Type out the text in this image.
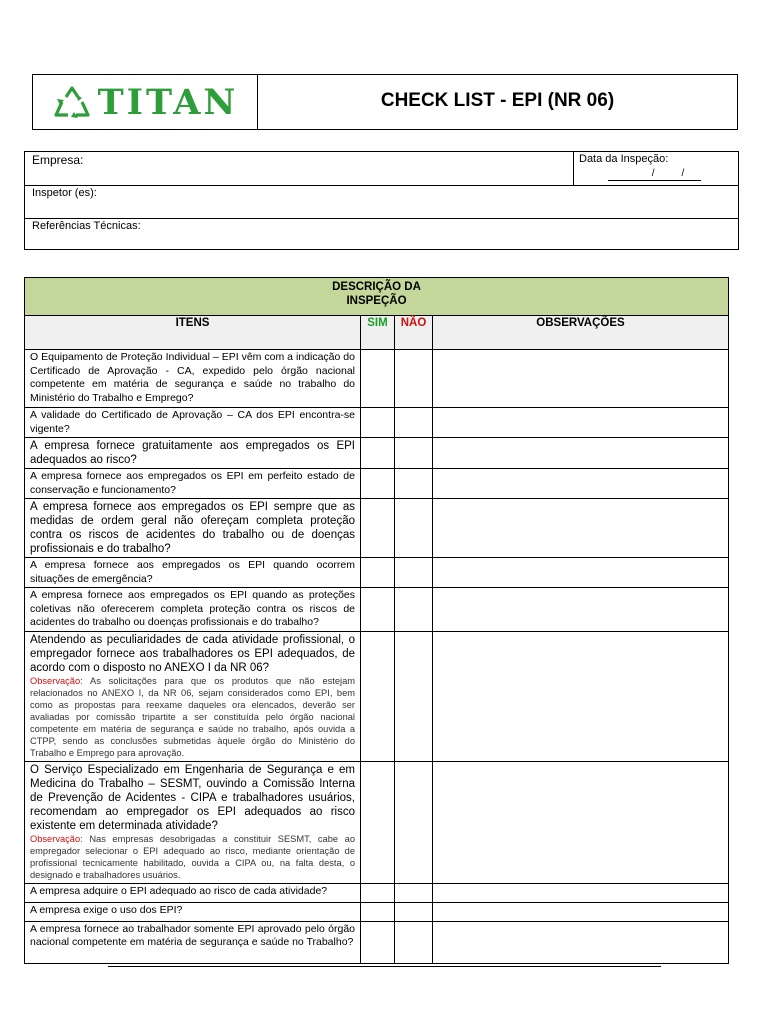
TITAN	CHECK LIST - EPI (NR 06)
Empresa:	Data da Inspeção:
/	/
Inspetor (es):
Referências Técnicas:
DESCRIÇÃO DA
INSPEÇÃO			

ITENS	SIM	NÃO	OBSERVAÇÕES

O Equipamento de Proteção Individual – EPI vêm com a indicação do Certificado de Aprovação - CA, expedido pelo órgão nacional competente em matéria de segurança e saúde no trabalho do Ministério do Trabalho e Emprego?			

A validade do Certificado de Aprovação – CA dos EPI encontra-se vigente?			

A empresa fornece gratuitamente aos empregados os EPI adequados ao risco?			

A empresa fornece aos empregados os EPI em perfeito estado de conservação e funcionamento?			

A empresa fornece aos empregados os EPI sempre que as medidas de ordem geral não ofereçam completa proteção contra os riscos de acidentes do trabalho ou de doenças profissionais e do trabalho?			

A empresa fornece aos empregados os EPI quando ocorrem situações de emergência?			

A empresa fornece aos empregados os EPI quando as proteções coletivas não oferecerem completa proteção contra os riscos de acidentes do trabalho ou doenças profissionais e do trabalho?			

Atendendo as peculiaridades de cada atividade profissional, o empregador fornece aos trabalhadores os EPI adequados, de acordo com o disposto no ANEXO I da NR 06?
Observação: As solicitações para que os produtos que não estejam relacionados no ANEXO I, da NR 06, sejam considerados como EPI, bem como as propostas para reexame daqueles ora elencados, deverão ser avaliadas por comissão tripartite a ser constituída pelo órgão nacional competente em matéria de segurança e saúde no trabalho, após ouvida a CTPP, sendo as conclusões submetidas àquele órgão do Ministério do Trabalho e Emprego para aprovação.			

O Serviço Especializado em Engenharia de Segurança e em Medicina do Trabalho – SESMT, ouvindo a Comissão Interna de Prevenção de Acidentes - CIPA e trabalhadores usuários, recomendam ao empregador os EPI adequados ao risco existente em determinada atividade?
Observação: Nas empresas desobrigadas a constituir SESMT, cabe ao empregador selecionar o EPI adequado ao risco, mediante orientação de profissional tecnicamente habilitado, ouvida a CIPA ou, na falta desta, o designado e trabalhadores usuários.			

A empresa adquire o EPI adequado ao risco de cada atividade?			

A empresa exige o uso dos EPI?			

A empresa fornece ao trabalhador somente EPI aprovado pelo órgão nacional competente em matéria de segurança e saúde no Trabalho?			
